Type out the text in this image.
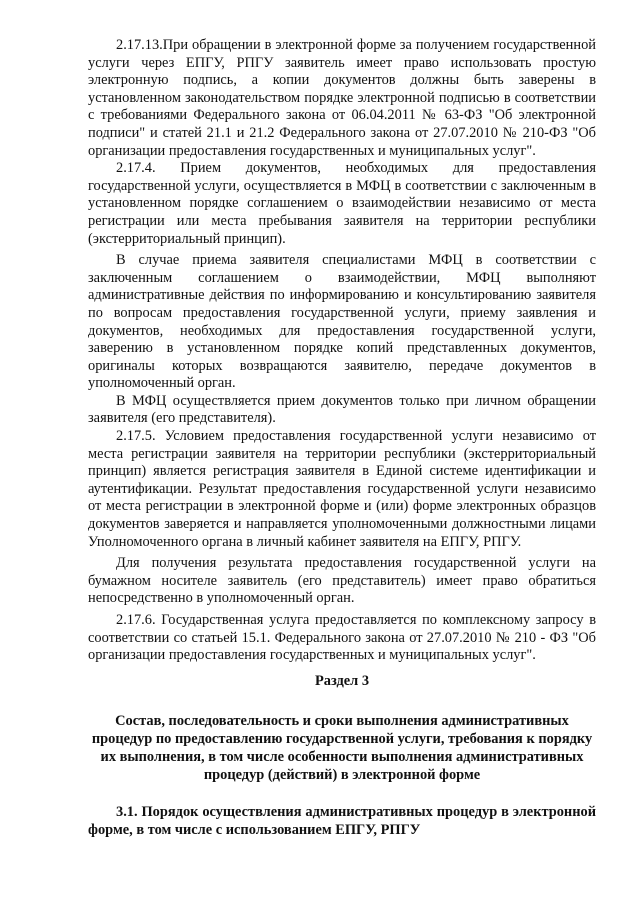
2.17.13.При обращении в электронной форме за получением государственной услуги через ЕПГУ, РПГУ заявитель имеет право использовать простую электронную подпись, а копии документов должны быть заверены в установленном законодательством порядке электронной подписью в соответствии с требованиями Федерального закона от 06.04.2011 № 63-ФЗ "Об электронной подписи" и статей 21.1 и 21.2 Федерального закона от 27.07.2010 № 210-ФЗ "Об организации предоставления государственных и муниципальных услуг".

2.17.4. Прием документов, необходимых для предоставления государственной услуги, осуществляется в МФЦ в соответствии с заключенным в установленном порядке соглашением о взаимодействии независимо от места регистрации или места пребывания заявителя на территории республики (экстерриториальный принцип).

В случае приема заявителя специалистами МФЦ в соответствии с заключенным соглашением о взаимодействии, МФЦ выполняют административные действия по информированию и консультированию заявителя по вопросам предоставления государственной услуги, приему заявления и документов, необходимых для предоставления государственной услуги, заверению в установленном порядке копий представленных документов, оригиналы которых возвращаются заявителю, передаче документов в уполномоченный орган.

В МФЦ осуществляется прием документов только при личном обращении заявителя (его представителя).

2.17.5. Условием предоставления государственной услуги независимо от места регистрации заявителя на территории республики (экстерриториальный принцип) является регистрация заявителя в Единой системе идентификации и аутентификации. Результат предоставления государственной услуги независимо от места регистрации в электронной форме и (или) форме электронных образцов документов заверяется и направляется уполномоченными должностными лицами Уполномоченного органа в личный кабинет заявителя на ЕПГУ, РПГУ.

Для получения результата предоставления государственной услуги на бумажном носителе заявитель (его представитель) имеет право обратиться непосредственно в уполномоченный орган.

2.17.6. Государственная услуга предоставляется по комплексному запросу в соответствии со статьей 15.1. Федерального закона от 27.07.2010 № 210 - ФЗ "Об организации предоставления государственных и муниципальных услуг".

Раздел 3

Состав, последовательность и сроки выполнения административных процедур по предоставлению государственной услуги, требования к порядку их выполнения, в том числе особенности выполнения административных процедур (действий) в электронной форме

3.1. Порядок осуществления административных процедур в электронной форме, в том числе с использованием ЕПГУ, РПГУ
